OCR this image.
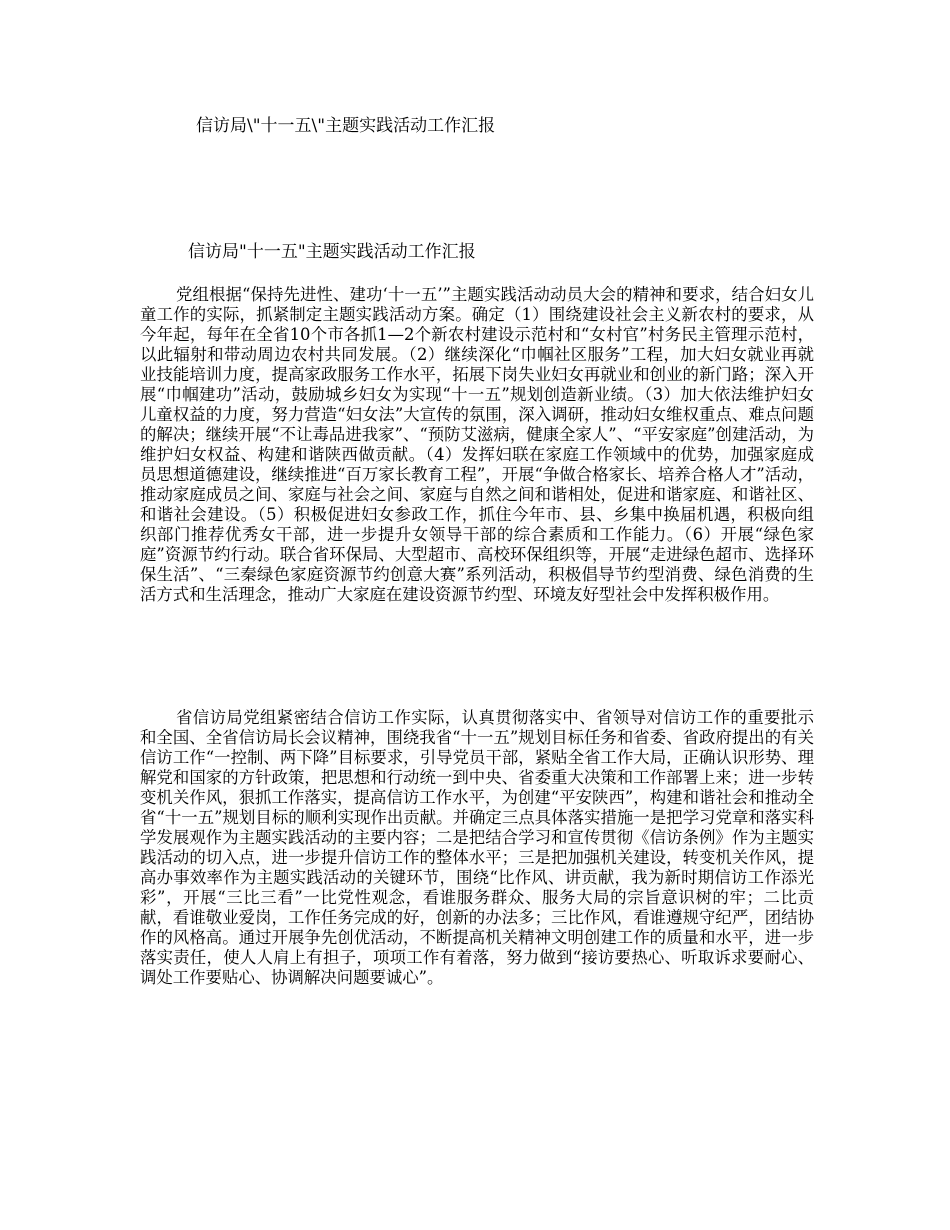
信访局\"十一五\"主题实践活动工作汇报
信访局"十一五"主题实践活动工作汇报

党组根据“保持先进性、建功‘十一五’”主题实践活动动员大会的精神和要求，结合妇女儿童工作的实际，抓紧制定主题实践活动方案。确定（1）围绕建设社会主义新农村的要求，从今年起，每年在全省10个市各抓1—2个新农村建设示范村和“女村官”村务民主管理示范村，以此辐射和带动周边农村共同发展。（2）继续深化“巾帼社区服务”工程，加大妇女就业再就业技能培训力度，提高家政服务工作水平，拓展下岗失业妇女再就业和创业的新门路；深入开展“巾帼建功”活动，鼓励城乡妇女为实现“十一五”规划创造新业绩。（3）加大依法维护妇女儿童权益的力度，努力营造“妇女法”大宣传的氛围，深入调研，推动妇女维权重点、难点问题的解决；继续开展“不让毒品进我家”、“预防艾滋病，健康全家人”、“平安家庭”创建活动，为维护妇女权益、构建和谐陕西做贡献。（4）发挥妇联在家庭工作领域中的优势，加强家庭成员思想道德建设，继续推进“百万家长教育工程”，开展“争做合格家长、培养合格人才”活动，推动家庭成员之间、家庭与社会之间、家庭与自然之间和谐相处，促进和谐家庭、和谐社区、和谐社会建设。（5）积极促进妇女参政工作，抓住今年市、县、乡集中换届机遇，积极向组织部门推荐优秀女干部，进一步提升女领导干部的综合素质和工作能力。（6）开展“绿色家庭”资源节约行动。联合省环保局、大型超市、高校环保组织等，开展“走进绿色超市、选择环保生活”、“三秦绿色家庭资源节约创意大赛”系列活动，积极倡导节约型消费、绿色消费的生活方式和生活理念，推动广大家庭在建设资源节约型、环境友好型社会中发挥积极作用。

省信访局党组紧密结合信访工作实际，认真贯彻落实中、省领导对信访工作的重要批示和全国、全省信访局长会议精神，围绕我省“十一五”规划目标任务和省委、省政府提出的有关信访工作“一控制、两下降”目标要求，引导党员干部，紧贴全省工作大局，正确认识形势、理解党和国家的方针政策，把思想和行动统一到中央、省委重大决策和工作部署上来；进一步转变机关作风，狠抓工作落实，提高信访工作水平，为创建“平安陕西”，构建和谐社会和推动全省“十一五”规划目标的顺利实现作出贡献。并确定三点具体落实措施一是把学习党章和落实科学发展观作为主题实践活动的主要内容；二是把结合学习和宣传贯彻《信访条例》作为主题实践活动的切入点，进一步提升信访工作的整体水平；三是把加强机关建设，转变机关作风，提高办事效率作为主题实践活动的关键环节，围绕“比作风、讲贡献，我为新时期信访工作添光彩”，开展“三比三看”一比党性观念，看谁服务群众、服务大局的宗旨意识树的牢；二比贡献，看谁敬业爱岗，工作任务完成的好，创新的办法多；三比作风，看谁遵规守纪严，团结协作的风格高。通过开展争先创优活动，不断提高机关精神文明创建工作的质量和水平，进一步落实责任，使人人肩上有担子，项项工作有着落，努力做到“接访要热心、听取诉求要耐心、调处工作要贴心、协调解决问题要诚心”。
